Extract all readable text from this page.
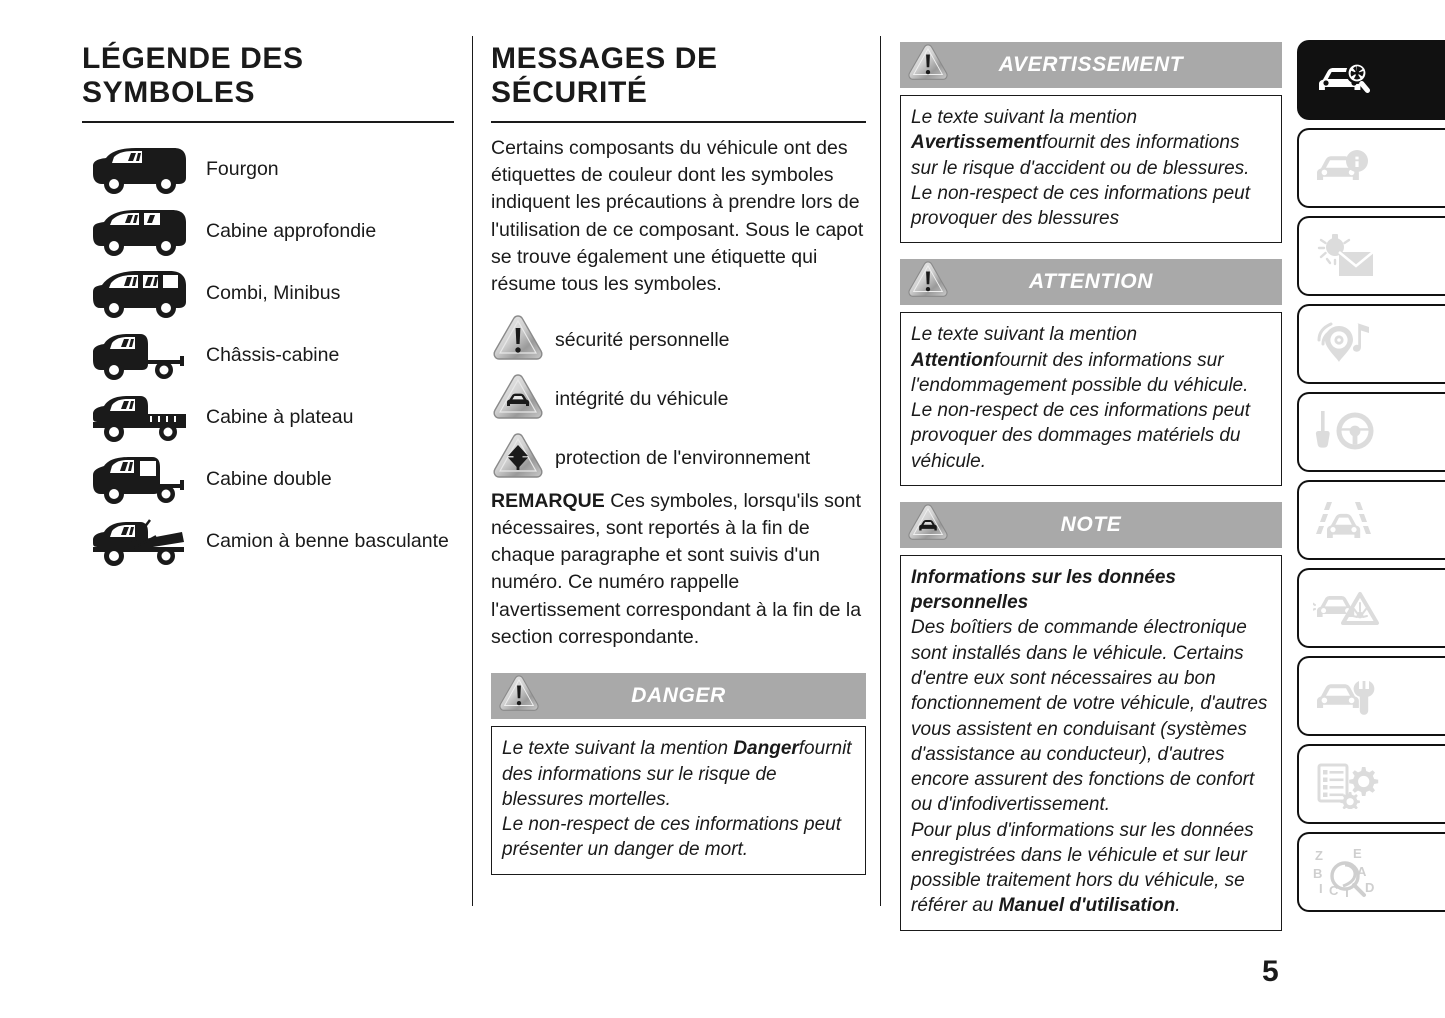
LÉGENDE DES SYMBOLES
Fourgon
Cabine approfondie
Combi, Minibus
Châssis-cabine
Cabine à plateau
Cabine double
Camion à benne basculante
MESSAGES DE SÉCURITÉ

Certains composants du véhicule ont des étiquettes de couleur dont les symboles indiquent les précautions à prendre lors de l'utilisation de ce composant. Sous le capot se trouve également une étiquette qui résume tous les symboles.

sécurité personnelle
intégrité du véhicule
protection de l'environnement

REMARQUE Ces symboles, lorsqu'ils sont nécessaires, sont reportés à la fin de chaque paragraphe et sont suivis d'un numéro. Ce numéro rappelle l'avertissement correspondant à la fin de la section correspondante.

DANGER

Le texte suivant la mention Dangerfournit des informations sur le risque de blessures mortelles.

Le non-respect de ces informations peut présenter un danger de mort.

AVERTISSEMENT

Le texte suivant la mention Avertissementfournit des informations sur le risque d'accident ou de blessures.

Le non-respect de ces informations peut provoquer des blessures

ATTENTION

Le texte suivant la mention Attentionfournit des informations sur l'endommagement possible du véhicule.

Le non-respect de ces informations peut provoquer des dommages matériels du véhicule.

NOTE

Informations sur les données personnelles

Des boîtiers de commande électronique sont installés dans le véhicule. Certains d'entre eux sont nécessaires au bon fonctionnement de votre véhicule, d'autres vous assistent en conduisant (systèmes d'assistance au conducteur), d'autres encore assurent des fonctions de confort ou d'infodivertissement.

Pour plus d'informations sur les données enregistrées dans le véhicule et sur leur possible traitement hors du véhicule, se référer au Manuel d'utilisation.

Z
B
I C T
E
A
D
5
